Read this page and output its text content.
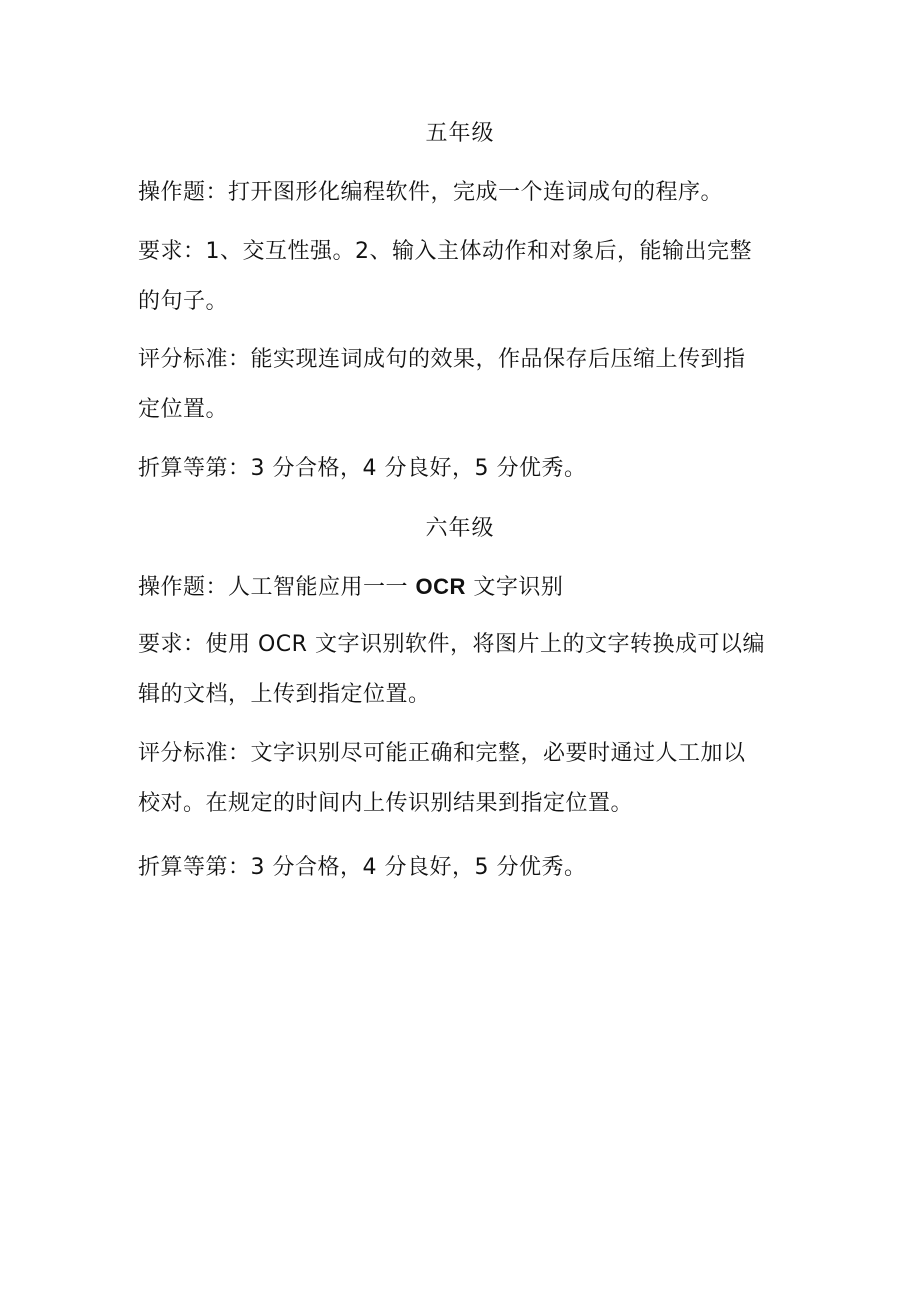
五年级
操作题：打开图形化编程软件，完成一个连词成句的程序。
要求：1、交互性强。2、输入主体动作和对象后，能输出完整
的句子。
评分标准：能实现连词成句的效果，作品保存后压缩上传到指
定位置。
折算等第：3 分合格，4 分良好，5 分优秀。
六年级
操作题：人工智能应用一一 OCR 文字识别
要求：使用 OCR 文字识别软件，将图片上的文字转换成可以编
辑的文档，上传到指定位置。
评分标准：文字识别尽可能正确和完整，必要时通过人工加以
校对。在规定的时间内上传识别结果到指定位置。
折算等第：3 分合格，4 分良好，5 分优秀。
